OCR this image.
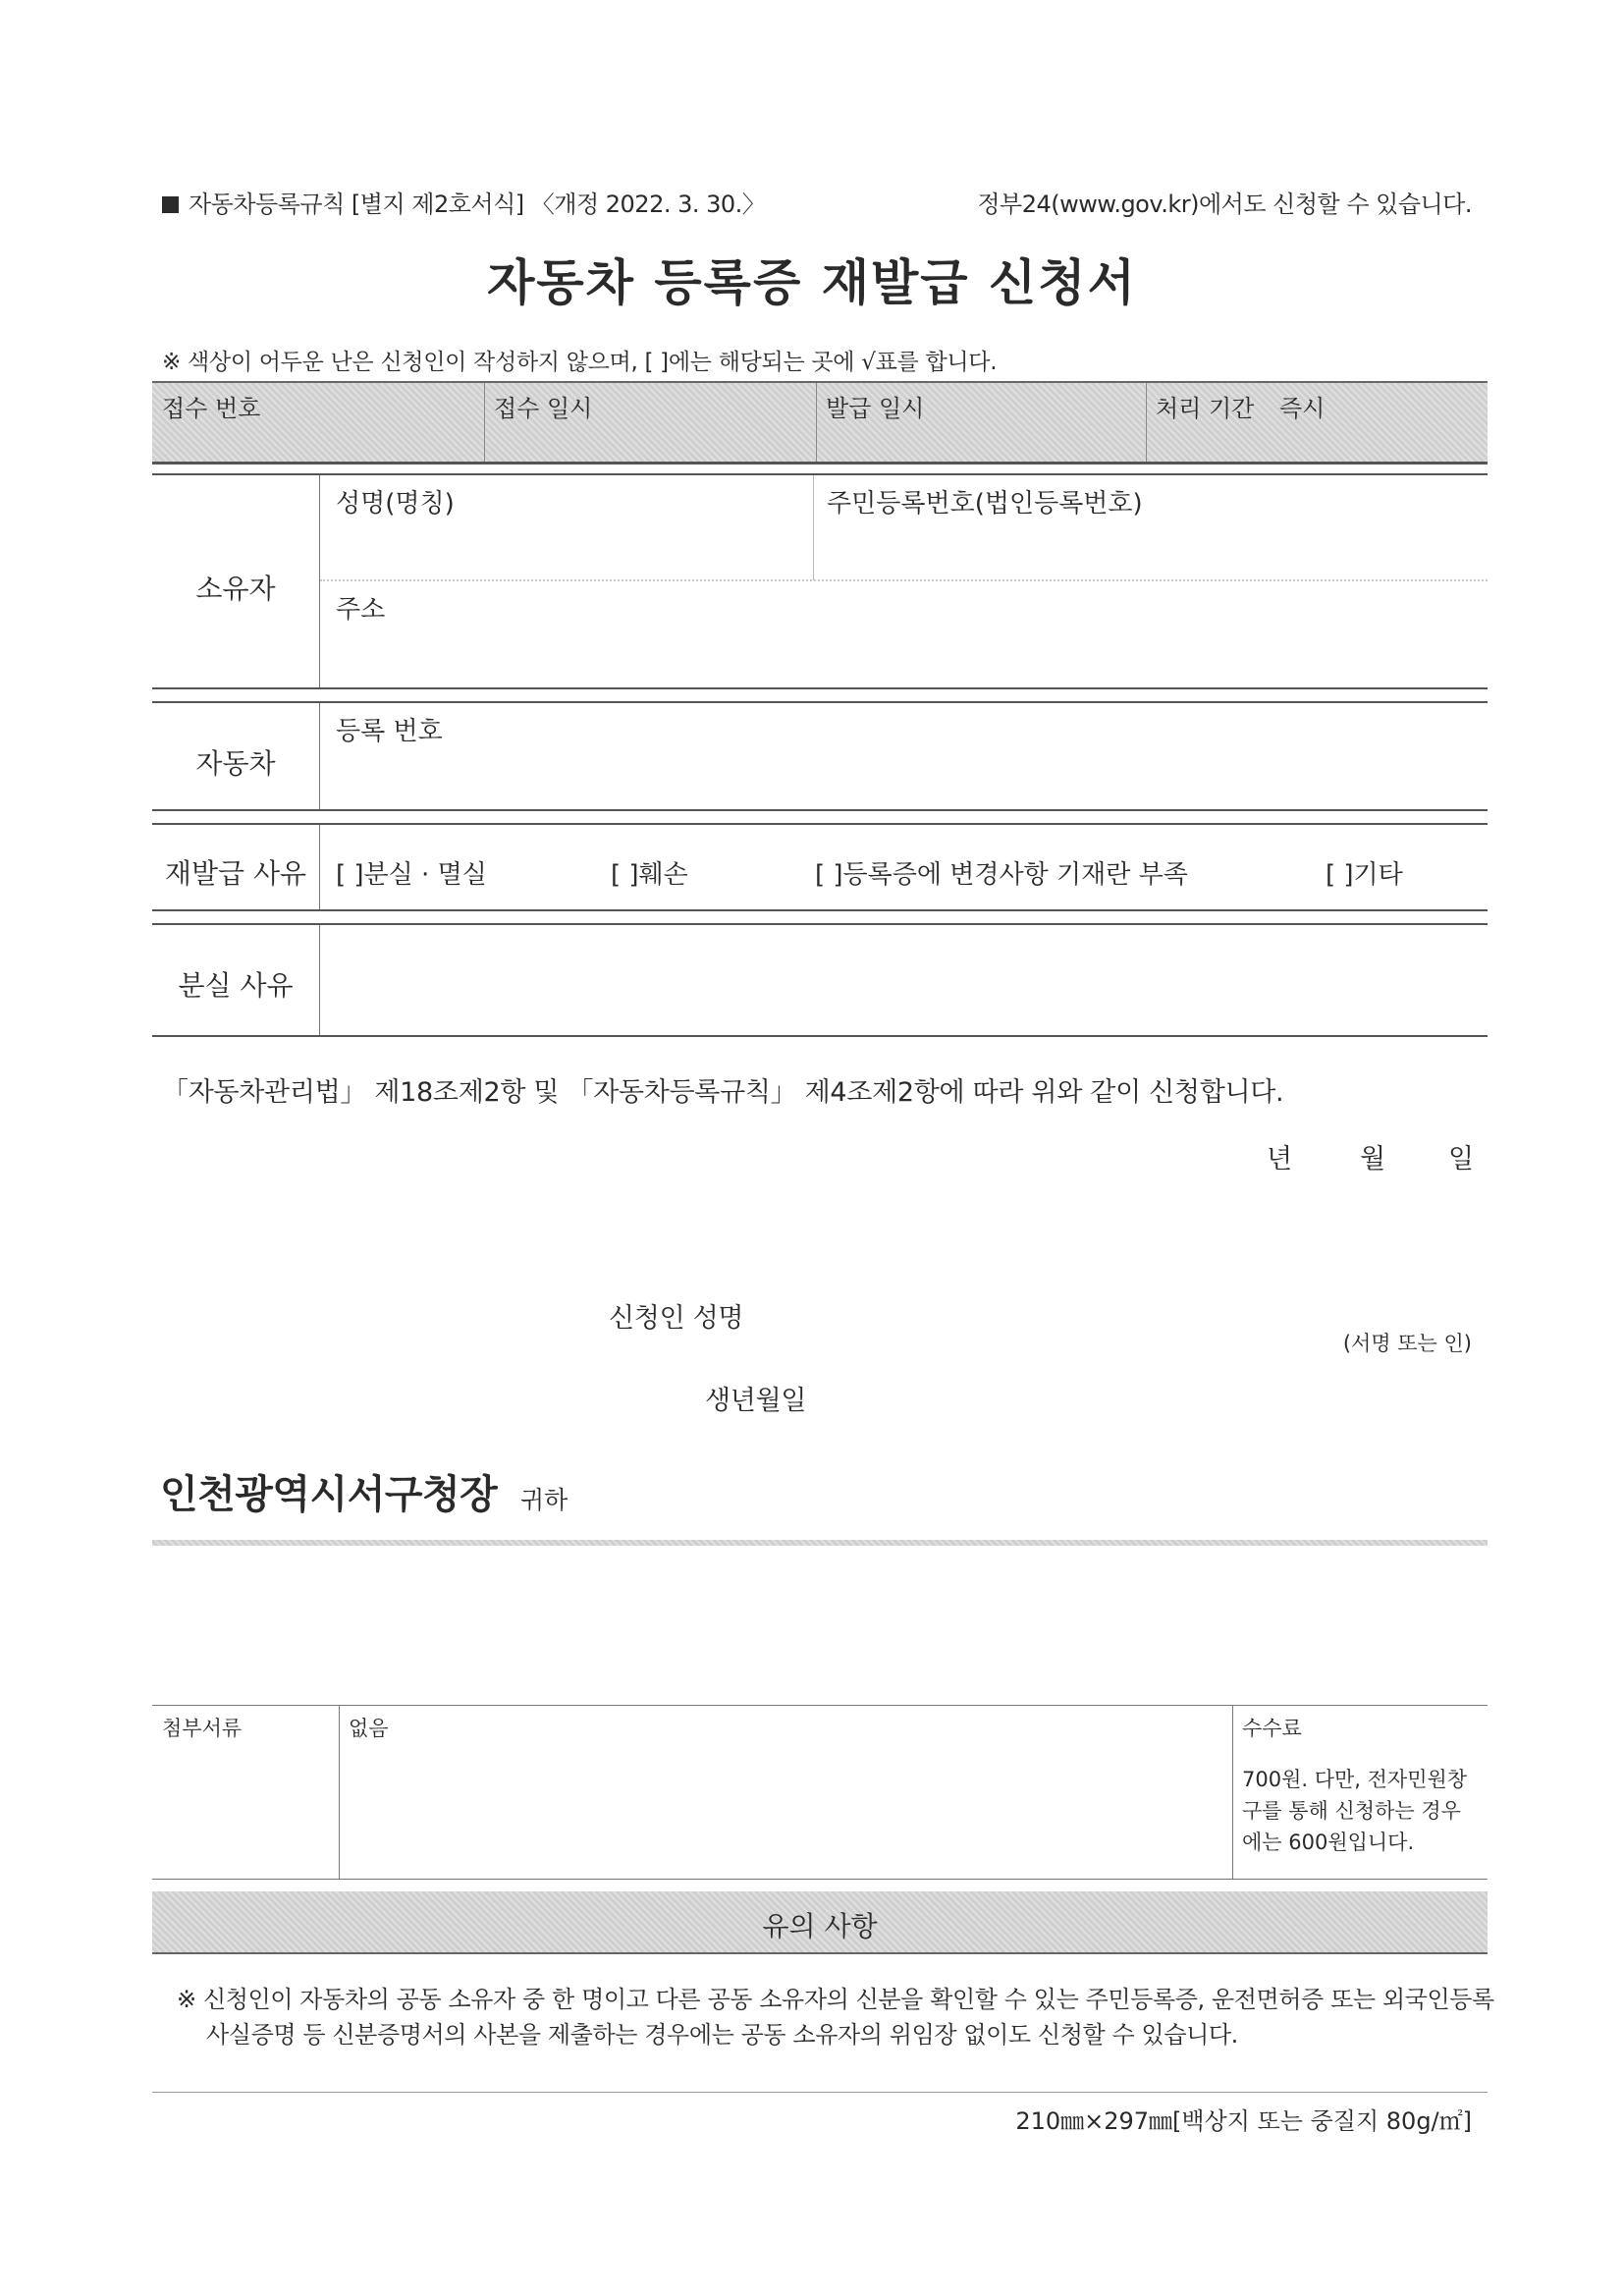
자동차등록규칙 [별지 제2호서식] 〈개정 2022. 3. 30.〉	정부24(www.gov.kr)에서도 신청할 수 있습니다.
자동차 등록증 재발급 신청서
※ 색상이 어두운 난은 신청인이 작성하지 않으며, [ ]에는 해당되는 곳에 √표를 합니다.
접수 번호	접수 일시	발급 일시	처리 기간 즉시
소유자
성명(명칭)	주민등록번호(법인등록번호)
주소
자동차
등록 번호
재발급 사유	[ ]분실 · 멸실	[ ]훼손	[ ]등록증에 변경사항 기재란 부족	[ ]기타
분실 사유
「자동차관리법」 제18조제2항 및 「자동차등록규칙」 제4조제2항에 따라 위와 같이 신청합니다.
년	월 일
신청인 성명
(서명 또는 인)
생년월일
인천광역시서구청장 귀하
첨부서류	없음	수수료
700원. 다만, 전자민원창
구를 통해 신청하는 경우
에는 600원입니다.
유의 사항
※ 신청인이 자동차의 공동 소유자 중 한 명이고 다른 공동 소유자의 신분을 확인할 수 있는 주민등록증, 운전면허증 또는 외국인등록
사실증명 등 신분증명서의 사본을 제출하는 경우에는 공동 소유자의 위임장 없이도 신청할 수 있습니다.
210㎜×297㎜[백상지 또는 중질지 80g/㎡]
